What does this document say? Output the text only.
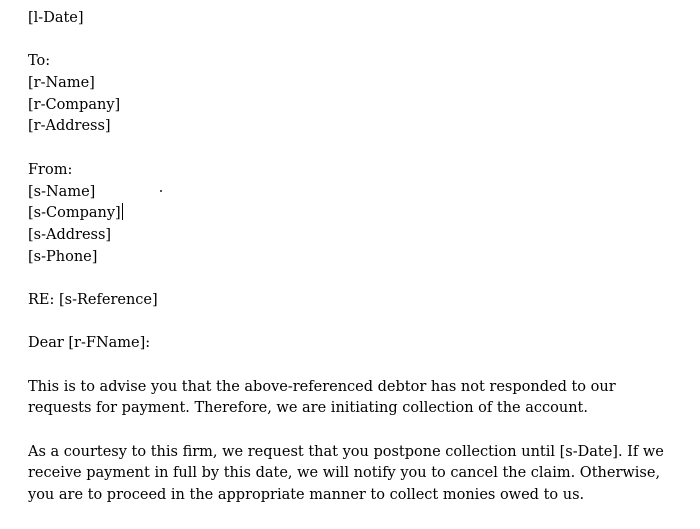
[l-Date]
To:
[r-Name]
[r-Company]
[r-Address]
From:
[s-Name]
[s-Company]
[s-Address]
[s-Phone]
RE: [s-Reference]
Dear [r-FName]:
This is to advise you that the above-referenced debtor has not responded to our requests for payment. Therefore, we are initiating collection of the account.
As a courtesy to this firm, we request that you postpone collection until [s-Date]. If we receive payment in full by this date, we will notify you to cancel the claim. Otherwise, you are to proceed in the appropriate manner to collect monies owed to us.
